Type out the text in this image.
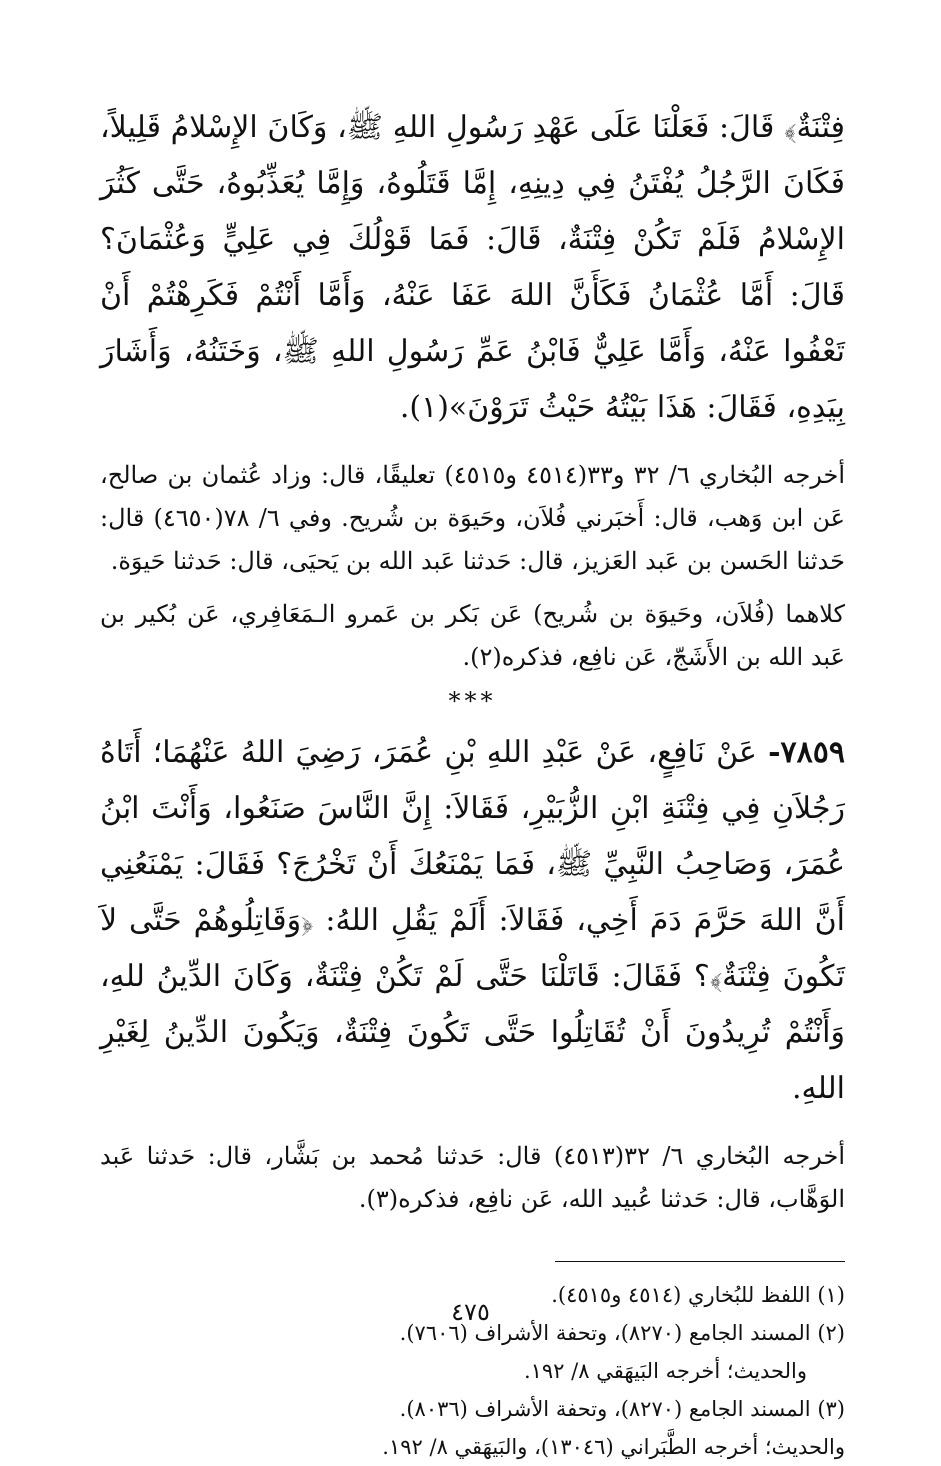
فِتْنَةٌ﴾ قَالَ: فَعَلْنَا عَلَى عَهْدِ رَسُولِ اللهِ ﷺ، وَكَانَ الإِسْلامُ قَلِيلاً، فَكَانَ الرَّجُلُ يُفْتَنُ فِي دِينِهِ، إِمَّا قَتَلُوهُ، وَإِمَّا يُعَذِّبُوهُ، حَتَّى كَثُرَ الإِسْلامُ فَلَمْ تَكُنْ فِتْنَةٌ، قَالَ: فَمَا قَوْلُكَ فِي عَلِيٍّ وَعُثْمَانَ؟ قَالَ: أَمَّا عُثْمَانُ فَكَأَنَّ اللهَ عَفَا عَنْهُ، وَأَمَّا أَنْتُمْ فَكَرِهْتُمْ أَنْ تَعْفُوا عَنْهُ، وَأَمَّا عَلِيٌّ فَابْنُ عَمِّ رَسُولِ اللهِ ﷺ، وَخَتَنُهُ، وَأَشَارَ بِيَدِهِ، فَقَالَ: هَذَا بَيْتُهُ حَيْثُ تَرَوْنَ»(١).

أخرجه البُخاري ٦/ ٣٢ و٣٣(٤٥١٤ و٤٥١٥) تعليقًا، قال: وزاد عُثمان بن صالح، عَن ابن وَهب، قال: أَخبَرني فُلاَن، وحَيوَة بن شُريح. وفي ٦/ ٧٨(٤٦٥٠) قال: حَدثنا الحَسن بن عَبد العَزيز، قال: حَدثنا عَبد الله بن يَحيَى، قال: حَدثنا حَيوَة.

كلاهما (فُلاَن، وحَيوَة بن شُريح) عَن بَكر بن عَمرو الـمَعَافِري، عَن بُكير بن عَبد الله بن الأَشَجّ، عَن نافِع، فذكره(٢).

***

٧٨٥٩- عَنْ نَافِعٍ، عَنْ عَبْدِ اللهِ بْنِ عُمَرَ، رَضِيَ اللهُ عَنْهُمَا؛ أَتَاهُ رَجُلاَنِ فِي فِتْنَةِ ابْنِ الزُّبَيْرِ، فَقَالاَ: إِنَّ النَّاسَ صَنَعُوا، وَأَنْتَ ابْنُ عُمَرَ، وَصَاحِبُ النَّبِيِّ ﷺ، فَمَا يَمْنَعُكَ أَنْ تَخْرُجَ؟ فَقَالَ: يَمْنَعُنِي أَنَّ اللهَ حَرَّمَ دَمَ أَخِي، فَقَالاَ: أَلَمْ يَقُلِ اللهُ: ﴿وَقَاتِلُوهُمْ حَتَّى لاَ تَكُونَ فِتْنَةٌ﴾؟ فَقَالَ: قَاتَلْنَا حَتَّى لَمْ تَكُنْ فِتْنَةٌ، وَكَانَ الدِّينُ للهِ، وَأَنْتُمْ تُرِيدُونَ أَنْ تُقَاتِلُوا حَتَّى تَكُونَ فِتْنَةٌ، وَيَكُونَ الدِّينُ لِغَيْرِ اللهِ.

أخرجه البُخاري ٦/ ٣٢(٤٥١٣) قال: حَدثنا مُحمد بن بَشَّار، قال: حَدثنا عَبد الوَهَّاب، قال: حَدثنا عُبيد الله، عَن نافِع، فذكره(٣).

(١) اللفظ للبُخاري (٤٥١٤ و٤٥١٥).

(٢) المسند الجامع (٨٢٧٠)، وتحفة الأشراف (٧٦٠٦).

والحديث؛ أخرجه البَيهَقي ٨/ ١٩٢.

(٣) المسند الجامع (٨٢٧٠)، وتحفة الأشراف (٨٠٣٦).

والحديث؛ أخرجه الطَّبَراني (١٣٠٤٦)، والبَيهَقي ٨/ ١٩٢.

٤٧٥
